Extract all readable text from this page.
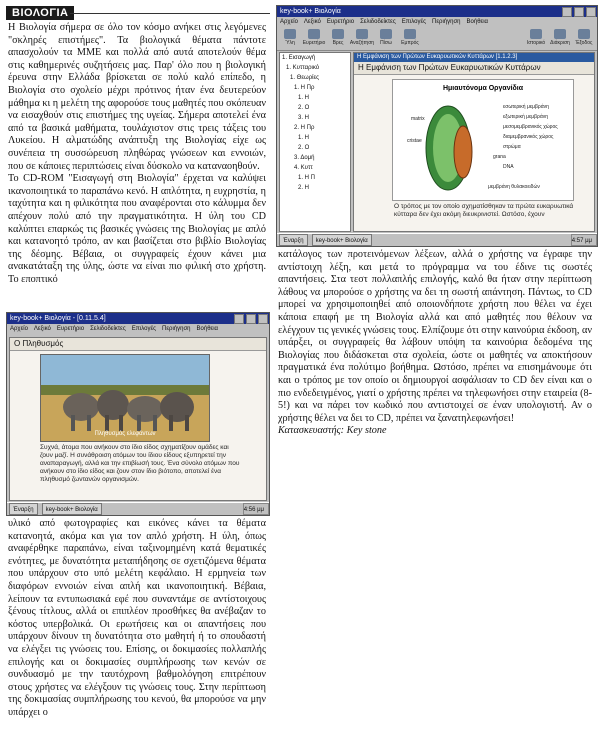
ΒΙΟΛΟΓΙΑ

Η Βιολογία σήμερα σε όλο τον κόσμο ανήκει στις λεγόμενες "σκληρές επιστήμες". Τα βιολογικά θέματα πάντοτε απασχολούν τα ΜΜΕ και πολλά από αυτά αποτελούν θέμα στις καθημερινές συζητήσεις μας. Παρ' όλο που η βιολογική έρευνα στην Ελλάδα βρίσκεται σε πολύ καλό επίπεδο, η Βιολογία στο σχολείο μέχρι πρότινος ήταν ένα δευτερεύον μάθημα κι η μελέτη της αφορούσε τους μαθητές που σκόπευαν να εισαχθούν στις επιστήμες της υγείας. Σήμερα αποτελεί ένα από τα βασικά μαθήματα, τουλάχιστον στις τρεις τάξεις του Λυκείου. Η αλματώδης ανάπτυξη της Βιολογίας είχε ως συνέπεια τη συσσώρευση πληθώρας γνώσεων και εννοιών, που σε κάποιες περιπτώσεις είναι δύσκολο να καταναοηθούν.

Το CD-ROM "Εισαγωγή στη Βιολογία" έρχεται να καλύψει ικανοποιητικά το παραπάνω κενό. Η απλότητα, η ευχρηστία, η ταχύτητα και η φιλικότητα που αναφέρονται στο κάλυμμα δεν απέχουν πολύ από την πραγματικότητα. Η ύλη του CD καλύπτει επαρκώς τις βασικές γνώσεις της Βιολογίας με απλό και κατανοητό τρόπο, αν και βασίζεται στο βιβλίο Βιολογίας της δέσμης. Βέβαια, οι συγγραφείς έχουν κάνει μια ανακατάταξη της ύλης, ώστε να είναι πιο φιλική στο χρήστη. Το εποπτικό

key-book+ Βιολογία
Αρχείο Λεξικό Ευρετήριο Σελιδοδείκτες Επιλογές Περιήγηση Βοήθεια
Ύλη Ευρετήριο Βρες Αναζήτηση Πίσω Εμπρός	Ιστορικό Διάκριση Έξοδος
1. Εισαγωγή
1. Κυτταρικό
1. Θεωρίες
1. Η Πρ
1. Η
2. Ο
3. Η
2. Η Πρ
1. Η
2. Ο
3. Δομή
4. Κυττ
1. Η Π
2. Η
Η Εμφάνιση των Πρώτων Ευκαρυωτικών Κυττάρων [1.1.2.3]
Η Εμφάνιση των Πρώτων Ευκαρυωτικών Κυττάρων
Ημιαυτόνομα Οργανίδια
εσωτερική μεμβράνη
εξωτερική μεμβράνη
μεσομεμβρανικός χώρος
διαμεμβρανικός χώρος
στρώμα
grana
matrix
DNA
cristae
μεμβράνη θυλακοειδών
Ο τρόπος με τον οποίο σχηματίσθηκαν τα πρώτα ευκαρυωτικά κύτταρα δεν έχει ακόμη διευκρινιστεί. Ωστόσο, έχουν
Έναρξη	key-book+ Βιολογία	4:57 μμ

κατάλογος των προτεινόμενων λέξεων, αλλά ο χρήστης να έγραφε την αντίστοιχη λέξη, και μετά το πρόγραμμα να του έδινε τις σωστές απαντήσεις. Στα τεστ πολλαπλής επιλογής, καλό θα ήταν στην περίπτωση λάθους να μπορούσε ο χρήστης να δει τη σωστή απάντηση. Πάντως, το CD μπορεί να χρησιμοποιηθεί από οποιονδήποτε χρήστη που θέλει να έχει κάποια επαφή με τη Βιολογία αλλά και από μαθητές που θέλουν να ελέγχουν τις γενικές γνώσεις τους. Ελπίζουμε ότι στην καινούρια έκδοση, αν υπάρξει, οι συγγραφείς θα λάβουν υπόψη τα καινούρια δεδομένα της Βιολογίας που διδάσκεται στα σχολεία, ώστε οι μαθητές να αποκτήσουν πραγματικά ένα πολύτιμο βοήθημα. Ωστόσο, πρέπει να επισημάνουμε ότι και ο τρόπος με τον οποίο οι δημιουργοί ασφάλισαν το CD δεν είναι και ο πιο ενδεδειγμένος, γιατί ο χρήστης πρέπει να τηλεφωνήσει στην εταιρεία (8-5!) και να πάρει τον κωδικό που αντιστοιχεί σε έναν υπολογιστή. Αν ο χρήστης θέλει να δει το CD, πρέπει να ξανατηλεφωνήσει!

Κατασκευαστής: Key stone

key-book+ Βιολογία - [0.11.5.4]
Αρχείο Λεξικό Ευρετήριο Σελιδοδείκτες Επιλογές Περιήγηση Βοήθεια
Ο Πληθυσμός
Πληθυσμός ελεφάντων
Συχνά, άτομα που ανήκουν στο ίδιο είδος σχηματίζουν ομάδες και ζουν μαζί. Η συνάθροιση ατόμων του ίδιου είδους εξυπηρετεί την αναπαραγωγή, αλλά και την επιβίωσή τους. Ένα σύνολο ατόμων που ανήκουν στο ίδιο είδος και ζουν στον ίδιο βιότοπο, αποτελεί ένα πληθυσμό ζωντανών οργανισμών.
Έναρξη	key-book+ Βιολογία	4:56 μμ

υλικό από φωτογραφίες και εικόνες κάνει τα θέματα κατανοητά, ακόμα και για τον απλό χρήστη. Η ύλη, όπως αναφέρθηκε παραπάνω, είναι ταξινομημένη κατά θεματικές ενότητες, με δυνατότητα μεταπήδησης σε σχετιζόμενα θέματα που υπάρχουν στο υπό μελέτη κεφάλαιο. Η ερμηνεία των διαφόρων εννοιών είναι απλή και ικανοποιητική. Βέβαια, λείπουν τα εντυπωσιακά εφέ που συναντάμε σε αντίστοιχους ξένους τίτλους, αλλά οι επιπλέον προσθήκες θα ανέβαζαν το κόστος υπερβολικά. Οι ερωτήσεις και οι απαντήσεις που υπάρχουν δίνουν τη δυνατότητα στο μαθητή ή το σπουδαστή να ελέγξει τις γνώσεις του. Επίσης, οι δοκιμασίες πολλαπλής επιλογής και οι δοκιμασίες συμπλήρωσης των κενών σε συνδυασμό με την ταυτόχρονη βαθμολόγηση επιτρέπουν στους χρήστες να ελέγξουν τις γνώσεις τους. Στην περίπτωση της δοκιμασίας συμπλήρωσης του κενού, θα μπορούσε να μην υπάρχει ο
